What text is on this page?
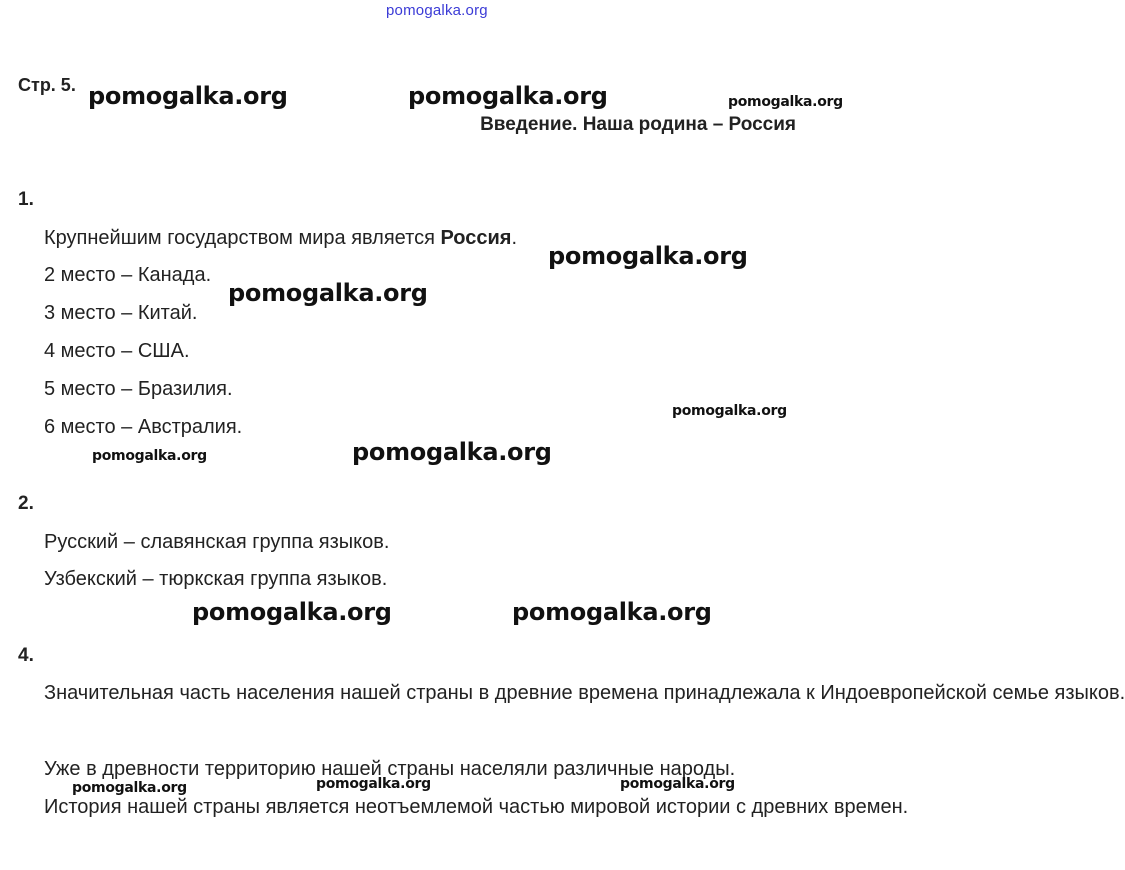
pomogalka.org
Стр. 5.
Введение. Наша родина – Россия
1.
Крупнейшим государством мира является Россия.
2 место – Канада.
3 место – Китай.
4 место – США.
5 место – Бразилия.
6 место – Австралия.
2.
Русский – славянская группа языков.
Узбекский – тюркская группа языков.
4.
Значительная часть населения нашей страны в древние времена принадлежала к Индоевропейской семье языков.
Уже в древности территорию нашей страны населяли различные народы.
История нашей страны является неотъемлемой частью мировой истории с древних времен.
pomogalka.org	pomogalka.org	pomogalka.org
pomogalka.org
pomogalka.org
pomogalka.org
pomogalka.org	pomogalka.org
pomogalka.org	pomogalka.org
pomogalka.org	pomogalka.org	pomogalka.org
